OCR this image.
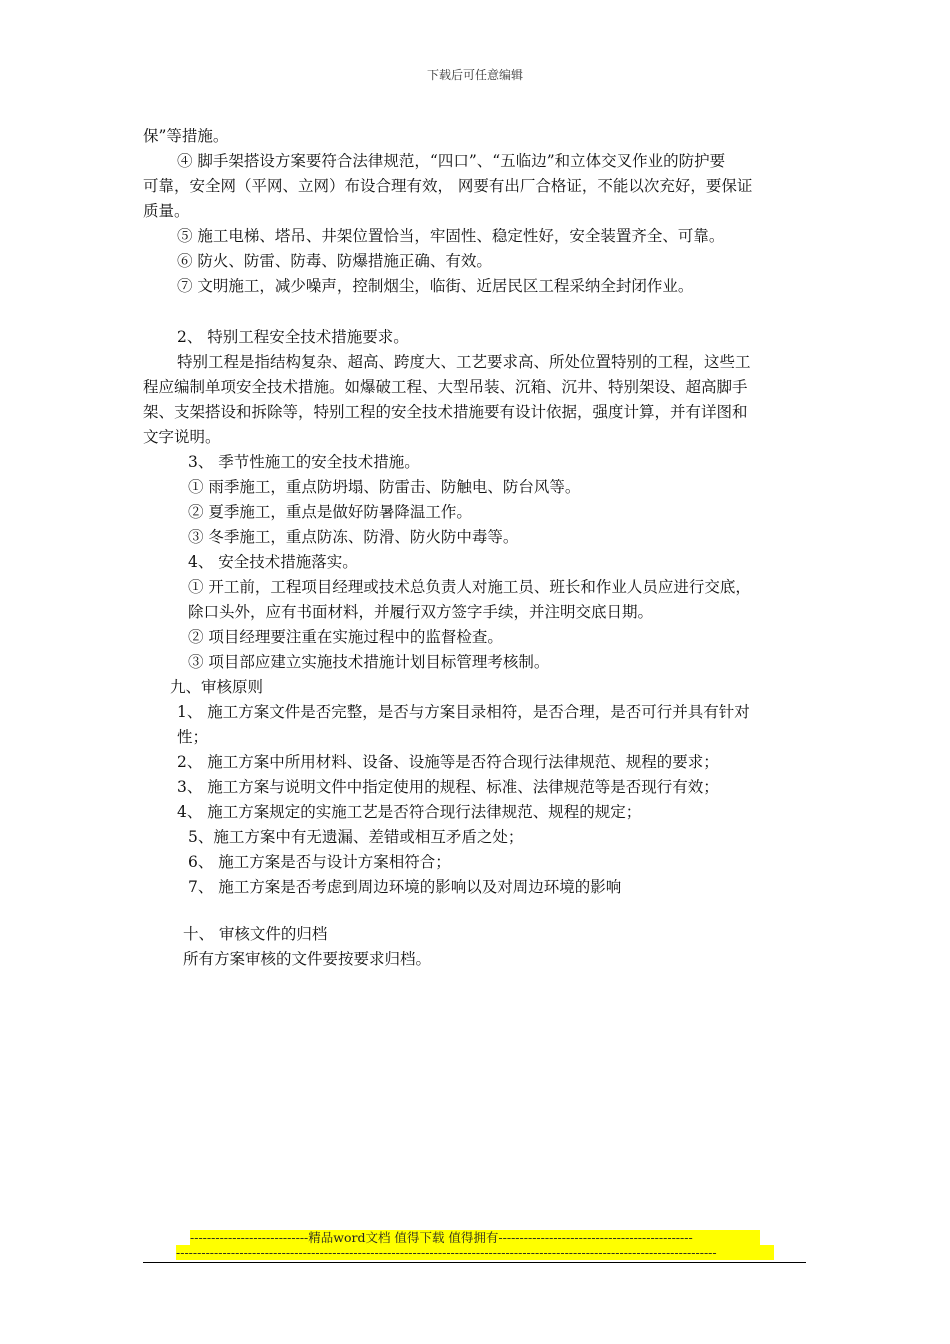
下载后可任意编辑
保”等措施。
④ 脚手架搭设方案要符合法律规范，“四口”、“五临边”和立体交叉作业的防护要
可靠，安全网（平网、立网）布设合理有效， 网要有出厂合格证，不能以次充好，要保证
质量。
⑤ 施工电梯、塔吊、井架位置恰当，牢固性、稳定性好，安全装置齐全、可靠。
⑥ 防火、防雷、防毒、防爆措施正确、有效。
⑦ 文明施工，减少噪声，控制烟尘，临街、近居民区工程采纳全封闭作业。
2、 特别工程安全技术措施要求。
特别工程是指结构复杂、超高、跨度大、工艺要求高、所处位置特别的工程，这些工
程应编制单项安全技术措施。如爆破工程、大型吊装、沉箱、沉井、特别架设、超高脚手
架、支架搭设和拆除等，特别工程的安全技术措施要有设计依据，强度计算，并有详图和
文字说明。
3、 季节性施工的安全技术措施。
① 雨季施工，重点防坍塌、防雷击、防触电、防台风等。
② 夏季施工，重点是做好防暑降温工作。
③ 冬季施工，重点防冻、防滑、防火防中毒等。
4、 安全技术措施落实。
① 开工前，工程项目经理或技术总负责人对施工员、班长和作业人员应进行交底，
除口头外，应有书面材料，并履行双方签字手续，并注明交底日期。
② 项目经理要注重在实施过程中的监督检查。
③ 项目部应建立实施技术措施计划目标管理考核制。
九、审核原则
1、 施工方案文件是否完整，是否与方案目录相符，是否合理，是否可行并具有针对
性；
2、 施工方案中所用材料、设备、设施等是否符合现行法律规范、规程的要求；
3、 施工方案与说明文件中指定使用的规程、标准、法律规范等是否现行有效；
4、 施工方案规定的实施工艺是否符合现行法律规范、规程的规定；
5、施工方案中有无遗漏、差错或相互矛盾之处；
6、 施工方案是否与设计方案相符合；
7、 施工方案是否考虑到周边环境的影响以及对周边环境的影响
十、 审核文件的归档
所有方案审核的文件要按要求归档。
----------------------------精品word文档 值得下载 值得拥有----------------------------------------------
--------------------------------------------------------------------------------------------------------------------------------
